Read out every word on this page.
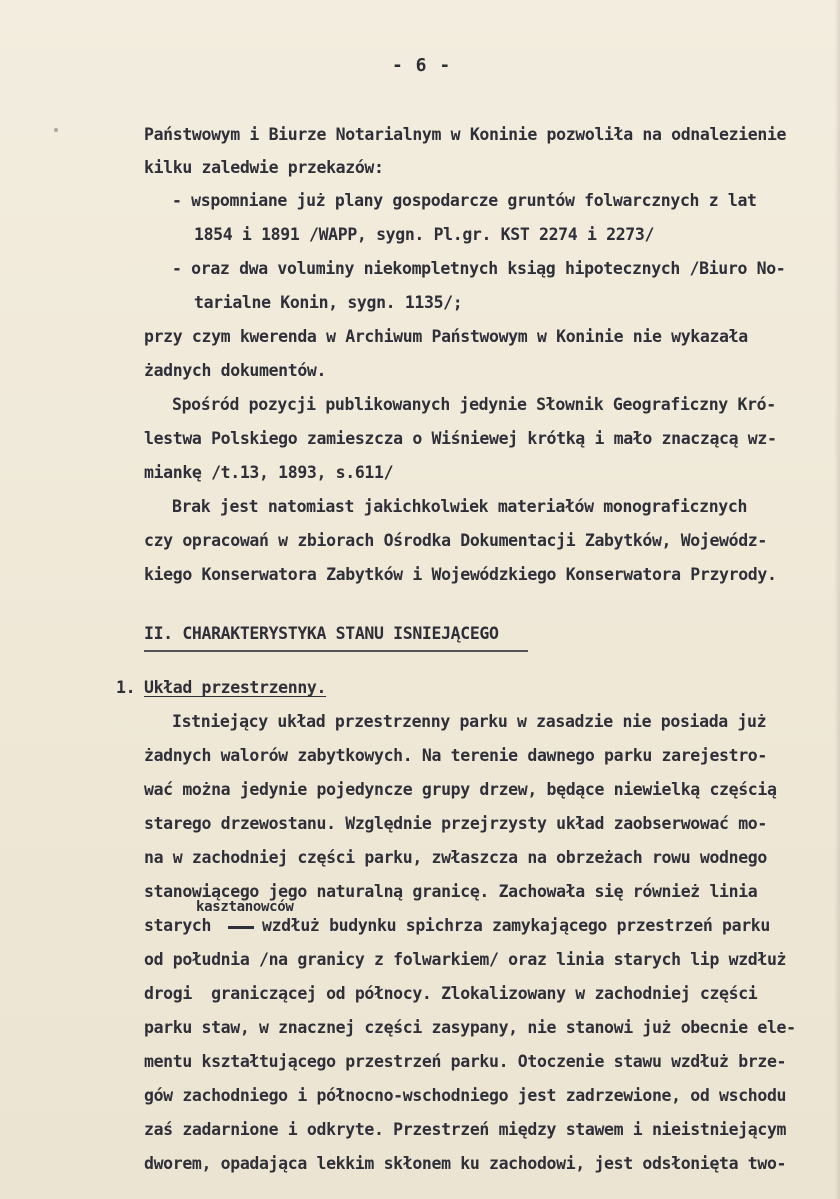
- 6 -
Państwowym i Biurze Notarialnym w Koninie pozwoliła na odnalezienie
kilku zaledwie przekazów:
- wspomniane już plany gospodarcze gruntów folwarcznych z lat
1854 i 1891 /WAPP, sygn. Pl.gr. KST 2274 i 2273/
- oraz dwa voluminy niekompletnych ksiąg hipotecznych /Biuro No-
tarialne Konin, sygn. 1135/;
przy czym kwerenda w Archiwum Państwowym w Koninie nie wykazała
żadnych dokumentów.
Spośród pozycji publikowanych jedynie Słownik Geograficzny Kró-
lestwa Polskiego zamieszcza o Wiśniewej krótką i mało znaczącą wz-
miankę /t.13, 1893, s.611/
Brak jest natomiast jakichkolwiek materiałów monograficznych
czy opracowań w zbiorach Ośrodka Dokumentacji Zabytków, Wojewódz-
kiego Konserwatora Zabytków i Wojewódzkiego Konserwatora Przyrody.
II. CHARAKTERYSTYKA STANU ISNIEJĄCEGO
1. Układ przestrzenny.
Istniejący układ przestrzenny parku w zasadzie nie posiada już
żadnych walorów zabytkowych. Na terenie dawnego parku zarejestro-
wać można jedynie pojedyncze grupy drzew, będące niewielką częścią
starego drzewostanu. Względnie przejrzysty układ zaobserwować mo-
na w zachodniej części parku, zwłaszcza na obrzeżach rowu wodnego
stanowiącego jego naturalną granicę. Zachowała się również linia
kasztanowców
starych	wzdłuż budynku spichrza zamykającego przestrzeń parku
od południa /na granicy z folwarkiem/ oraz linia starych lip wzdłuż
drogi  graniczącej od północy. Zlokalizowany w zachodniej części
parku staw, w znacznej części zasypany, nie stanowi już obecnie ele-
mentu kształtującego przestrzeń parku. Otoczenie stawu wzdłuż brze-
gów zachodniego i północno-wschodniego jest zadrzewione, od wschodu
zaś zadarnione i odkryte. Przestrzeń między stawem i nieistniejącym
dworem, opadająca lekkim skłonem ku zachodowi, jest odsłonięta two-
